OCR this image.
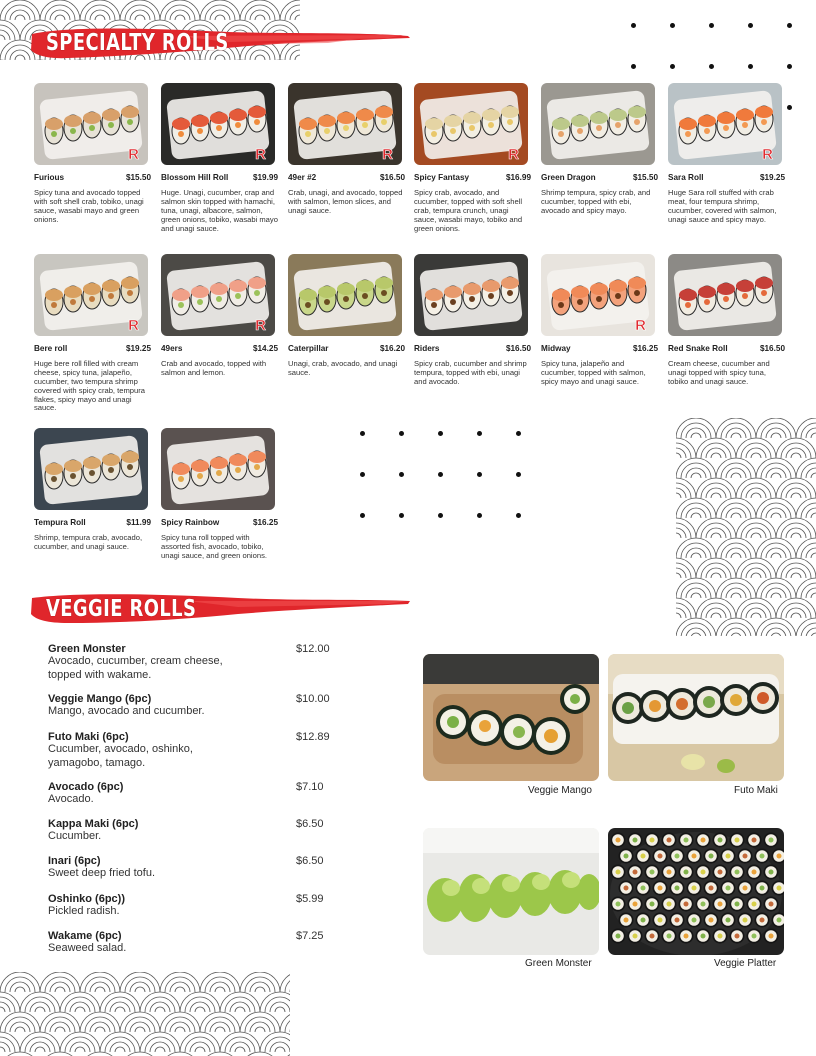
SPECIALTY ROLLS
R
Furious	$15.50
Spicy tuna and avocado topped with soft shell crab, tobiko, unagi sauce, wasabi mayo and green onions.
R
Blossom Hill Roll	$19.99
Huge. Unagi, cucumber, crap and salmon skin topped with hamachi, tuna, unagi, albacore, salmon, green onions, tobiko, wasabi mayo and unagi sauce.
R
49er #2	$16.50
Crab, unagi, and avocado, topped with salmon, lemon slices, and unagi sauce.
R
Spicy Fantasy	$16.99
Spicy crab, avocado, and cucumber, topped with soft shell crab, tempura crunch, unagi sauce, wasabi mayo, tobiko and green onions.
Green Dragon	$15.50
Shrimp tempura, spicy crab, and cucumber, topped with ebi, avocado and spicy mayo.
R
Sara Roll	$19.25
Huge Sara roll stuffed with crab meat, four tempura shrimp, cucumber, covered with salmon, unagi sauce and spicy mayo.
R
Bere roll	$19.25
Huge bere roll filled with cream cheese, spicy tuna, jalapeño, cucumber, two tempura shrimp covered with spicy crab, tempura flakes, spicy mayo and unagi sauce.
R
49ers	$14.25
Crab and avocado, topped with salmon and lemon.
Caterpillar	$16.20
Unagi, crab, avocado, and unagi sauce.
Riders	$16.50
Spicy crab, cucumber and shrimp tempura, topped with ebi, unagi and avocado.
R
Midway	$16.25
Spicy tuna, jalapeño and cucumber, topped with salmon, spicy mayo and unagi sauce.
Red Snake Roll	$16.50
Cream cheese, cucumber and unagi topped with spicy tuna, tobiko and unagi sauce.
Tempura Roll	$11.99
Shrimp, tempura crab, avocado, cucumber, and unagi sauce.
Spicy Rainbow	$16.25
Spicy tuna roll topped with assorted fish, avocado, tobiko, unagi sauce, and green onions.
VEGGIE ROLLS
Green Monster
Avocado, cucumber, cream cheese, topped with wakame.
$12.00
Veggie Mango (6pc)
Mango, avocado and cucumber.
$10.00
Futo Maki (6pc)
Cucumber, avocado, oshinko, yamagobo, tamago.
$12.89
Avocado (6pc)
Avocado.
$7.10
Kappa Maki (6pc)
Cucumber.
$6.50
Inari (6pc)
Sweet deep fried tofu.
$6.50
Oshinko (6pc))
Pickled radish.
$5.99
Wakame (6pc)
Seaweed salad.
$7.25
Veggie Mango	Futo Maki
Green Monster	Veggie Platter
